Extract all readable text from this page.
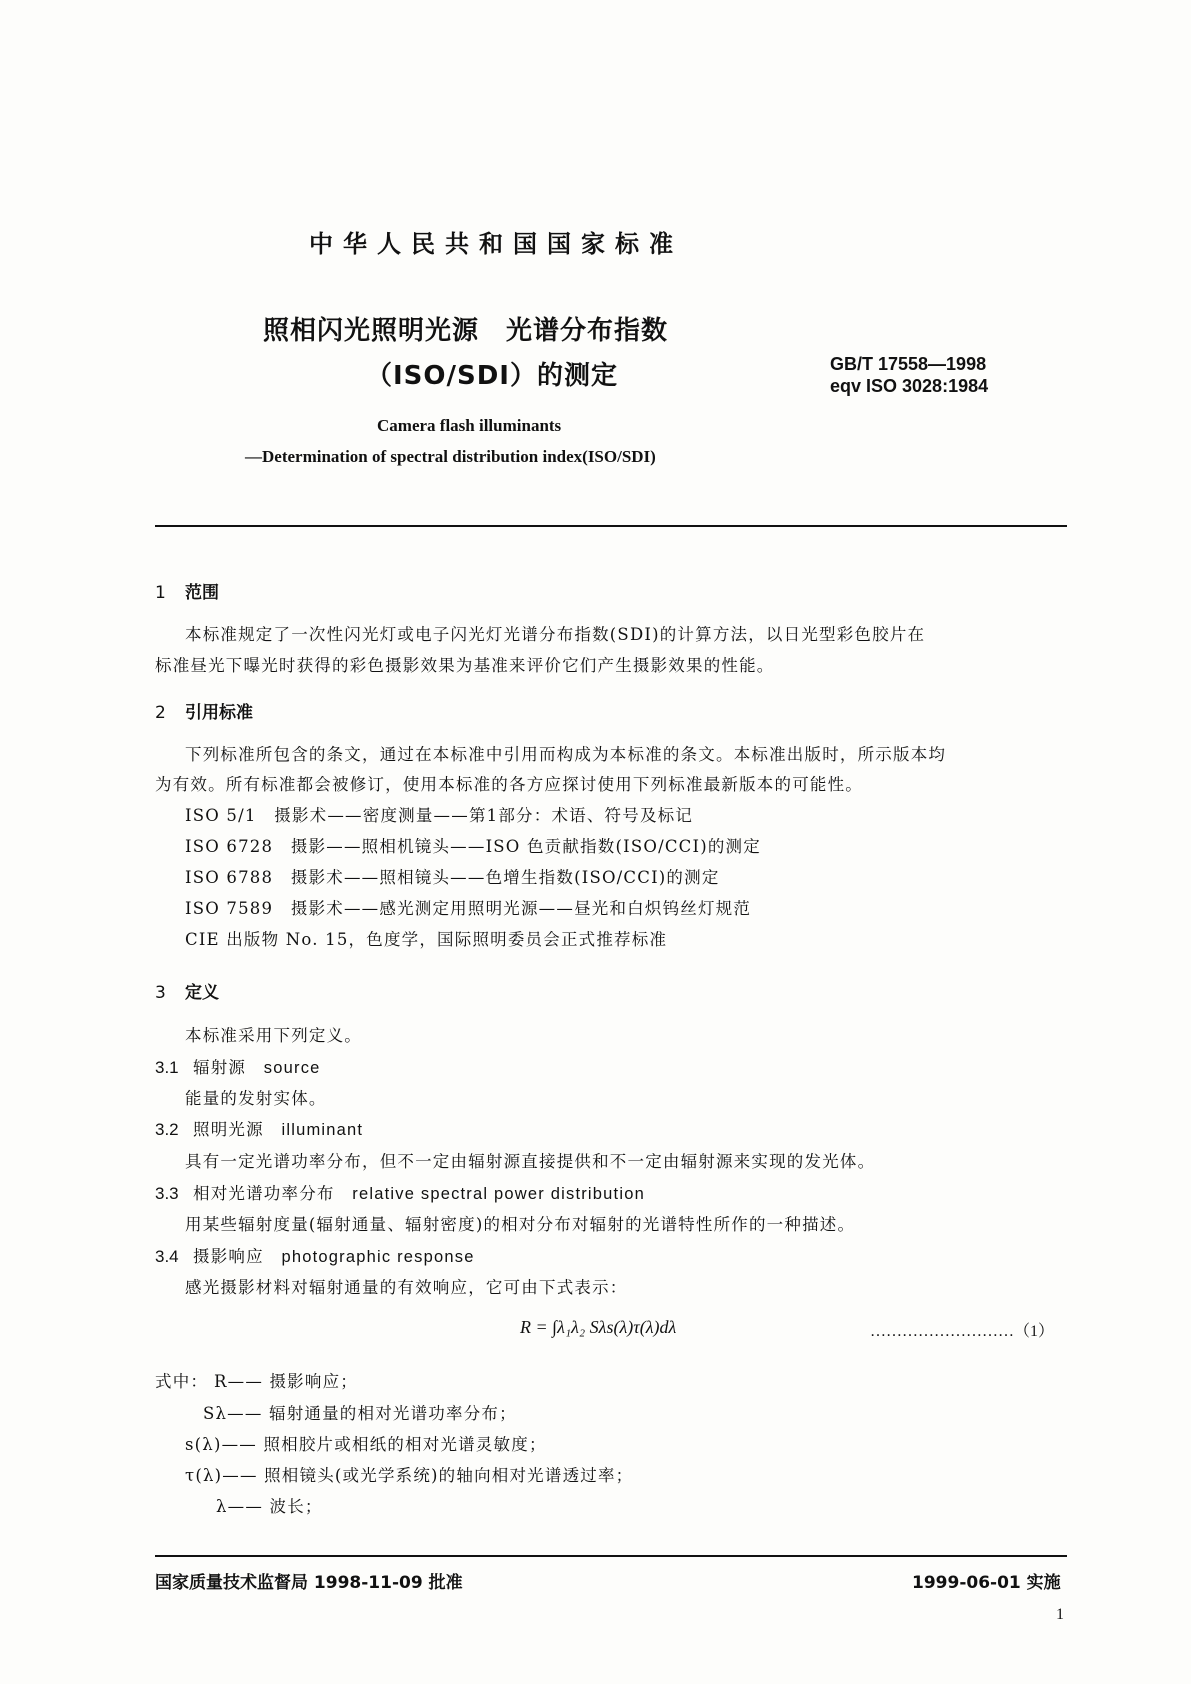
中华人民共和国国家标准
照相闪光照明光源　光谱分布指数
（ISO/SDI）的测定	GB/T 17558—1998
eqv ISO 3028:1984
Camera flash illuminants
—Determination of spectral distribution index(ISO/SDI)
1 范围
本标准规定了一次性闪光灯或电子闪光灯光谱分布指数(SDI)的计算方法，以日光型彩色胶片在
标准昼光下曝光时获得的彩色摄影效果为基准来评价它们产生摄影效果的性能。
2 引用标准
下列标准所包含的条文，通过在本标准中引用而构成为本标准的条文。本标准出版时，所示版本均
为有效。所有标准都会被修订，使用本标准的各方应探讨使用下列标准最新版本的可能性。
ISO 5/1　摄影术——密度测量——第1部分：术语、符号及标记
ISO 6728　摄影——照相机镜头——ISO 色贡献指数(ISO/CCI)的测定
ISO 6788　摄影术——照相镜头——色增生指数(ISO/CCI)的测定
ISO 7589　摄影术——感光测定用照明光源——昼光和白炽钨丝灯规范
CIE 出版物 No. 15，色度学，国际照明委员会正式推荐标准
3 定义
本标准采用下列定义。
3.1 辐射源　source
能量的发射实体。
3.2 照明光源　illuminant
具有一定光谱功率分布，但不一定由辐射源直接提供和不一定由辐射源来实现的发光体。
3.3 相对光谱功率分布　relative spectral power distribution
用某些辐射度量(辐射通量、辐射密度)的相对分布对辐射的光谱特性所作的一种描述。
3.4 摄影响应　photographic response
感光摄影材料对辐射通量的有效响应，它可由下式表示：
R = ∫λ₁λ₂ Sλs(λ)τ(λ)dλ	………………………（1）
式中： R—— 摄影响应；
Sλ—— 辐射通量的相对光谱功率分布；
s(λ)—— 照相胶片或相纸的相对光谱灵敏度；
τ(λ)—— 照相镜头(或光学系统)的轴向相对光谱透过率；
λ—— 波长；
国家质量技术监督局 1998-11-09 批准	1999-06-01 实施
1
